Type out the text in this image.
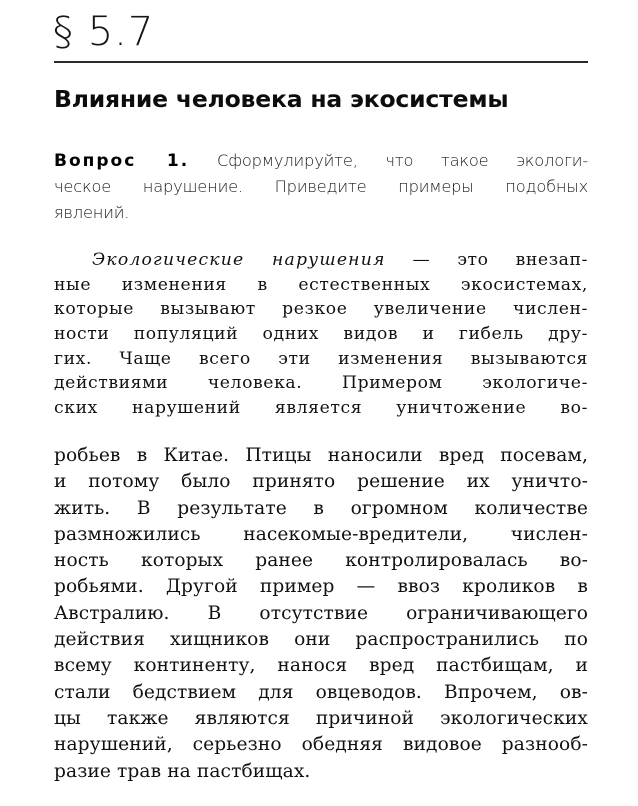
§ 5.7
Влияние человека на экосистемы
Вопрос 1. Сформулируйте, что такое экологи-
ческое нарушение. Приведите примеры подобных
явлений.
Экологические нарушения — это внезап-
ные изменения в естественных экосистемах,
которые вызывают резкое увеличение числен-
ности популяций одних видов и гибель дру-
гих. Чаще всего эти изменения вызываются
действиями человека. Примером экологиче-
ских нарушений является уничтожение во-
робьев в Китае. Птицы наносили вред посевам,
и потому было принято решение их уничто-
жить. В результате в огромном количестве
размножились насекомые-вредители, числен-
ность которых ранее контролировалась во-
робьями. Другой пример — ввоз кроликов в
Австралию. В отсутствие ограничивающего
действия хищников они распространились по
всему континенту, нанося вред пастбищам, и
стали бедствием для овцеводов. Впрочем, ов-
цы также являются причиной экологических
нарушений, серьезно обедняя видовое разнооб-
разие трав на пастбищах.
